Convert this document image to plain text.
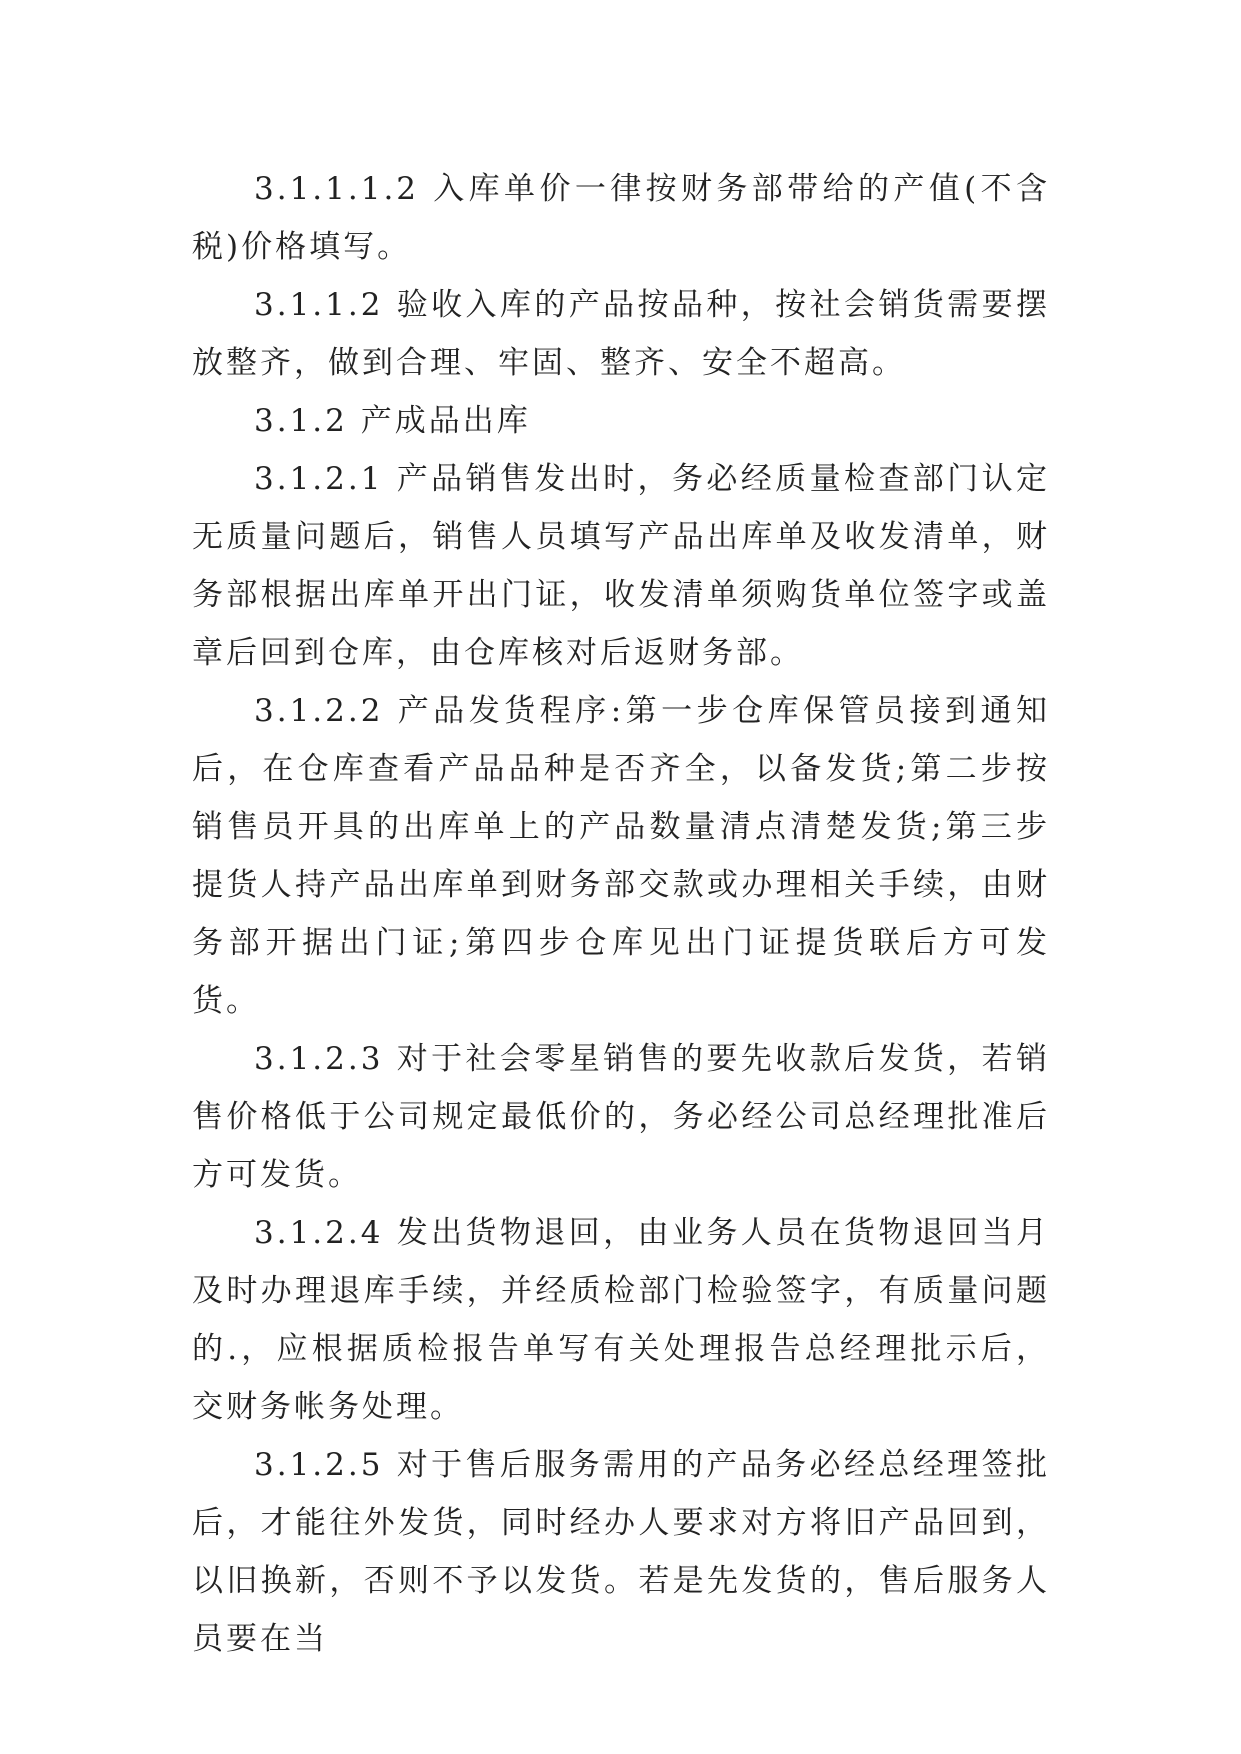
3.1.1.1.2 入库单价一律按财务部带给的产值(不含税)价格填写。

3.1.1.2 验收入库的产品按品种，按社会销货需要摆放整齐，做到合理、牢固、整齐、安全不超高。

3.1.2 产成品出库

3.1.2.1 产品销售发出时，务必经质量检查部门认定无质量问题后，销售人员填写产品出库单及收发清单，财务部根据出库单开出门证，收发清单须购货单位签字或盖章后回到仓库，由仓库核对后返财务部。

3.1.2.2 产品发货程序:第一步仓库保管员接到通知后，在仓库查看产品品种是否齐全，以备发货;第二步按销售员开具的出库单上的产品数量清点清楚发货;第三步提货人持产品出库单到财务部交款或办理相关手续，由财务部开据出门证;第四步仓库见出门证提货联后方可发货。

3.1.2.3 对于社会零星销售的要先收款后发货，若销售价格低于公司规定最低价的，务必经公司总经理批准后方可发货。

3.1.2.4 发出货物退回，由业务人员在货物退回当月及时办理退库手续，并经质检部门检验签字，有质量问题的.，应根据质检报告单写有关处理报告总经理批示后，交财务帐务处理。

3.1.2.5 对于售后服务需用的产品务必经总经理签批后，才能往外发货，同时经办人要求对方将旧产品回到，以旧换新，否则不予以发货。若是先发货的，售后服务人员要在当
